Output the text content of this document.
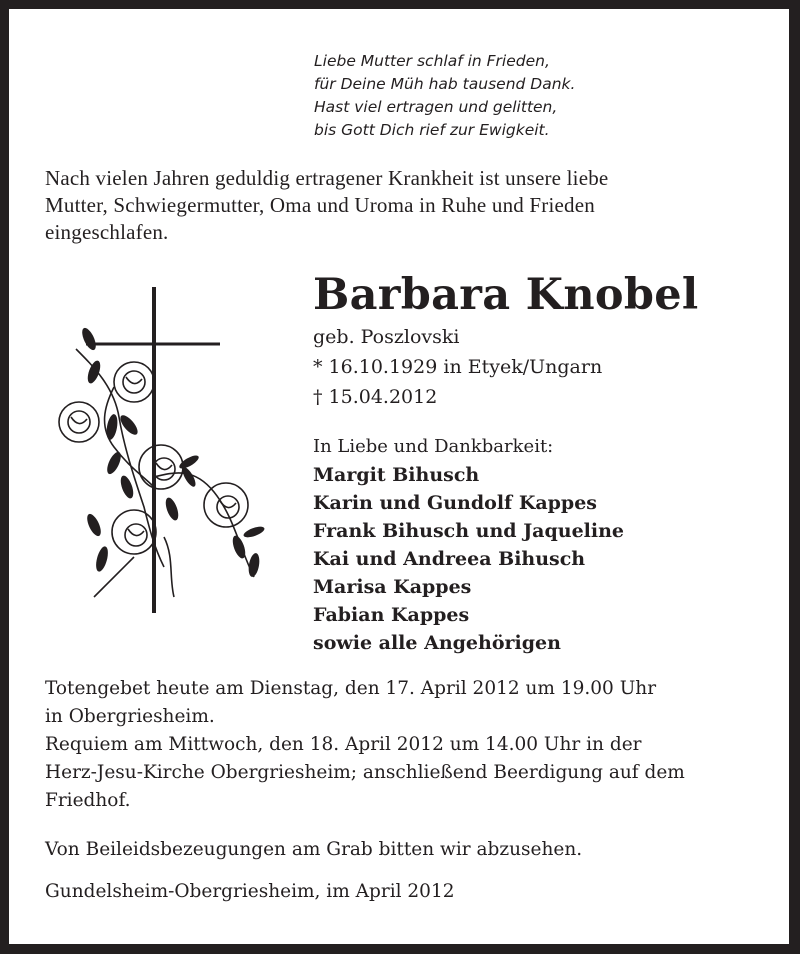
Liebe Mutter schlaf in Frieden,
für Deine Müh hab tausend Dank.
Hast viel ertragen und gelitten,
bis Gott Dich rief zur Ewigkeit.
Nach vielen Jahren geduldig ertragener Krankheit ist unsere liebe
Mutter, Schwiegermutter, Oma und Uroma in Ruhe und Frieden
eingeschlafen.
Barbara Knobel
geb. Poszlovski
* 16.10.1929 in Etyek/Ungarn
† 15.04.2012
In Liebe und Dankbarkeit:
Margit Bihusch
Karin und Gundolf Kappes
Frank Bihusch und Jaqueline
Kai und Andreea Bihusch
Marisa Kappes
Fabian Kappes
sowie alle Angehörigen
Totengebet heute am Dienstag, den 17. April 2012 um 19.00 Uhr
in Obergriesheim.
Requiem am Mittwoch, den 18. April 2012 um 14.00 Uhr in der
Herz-Jesu-Kirche Obergriesheim; anschließend Beerdigung auf dem
Friedhof.
Von Beileidsbezeugungen am Grab bitten wir abzusehen.
Gundelsheim-Obergriesheim, im April 2012
